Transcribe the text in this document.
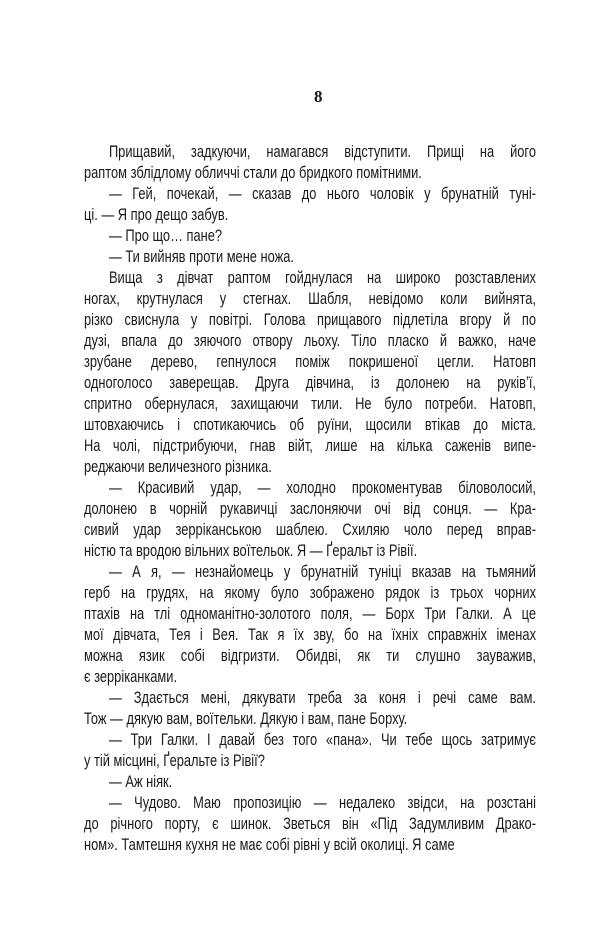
8
Прищавий, задкуючи, намагався відступити. Прищі на його
раптом зблідлому обличчі стали до бридкого помітними.
— Гей, почекай, — сказав до нього чоловік у брунатній туні-
ці. — Я про дещо забув.
— Про що… пане?
— Ти вийняв проти мене ножа.
Вища з дівчат раптом гойднулася на широко розставлених
ногах, крутнулася у стегнах. Шабля, невідомо коли вийнята,
різко свиснула у повітрі. Голова прищавого підлетіла вгору й по
дузі, впала до зяючого отвору льоху. Тіло пласко й важко, наче
зрубане дерево, гепнулося поміж покришеної цегли. Натовп
одноголосо заверещав. Друга дівчина, із долонею на руків’ї,
спритно обернулася, захищаючи тили. Не було потреби. Натовп,
штовхаючись і спотикаючись об руїни, щосили втікав до міста.
На чолі, підстрибуючи, гнав війт, лише на кілька саженів випе-
реджаючи величезного різника.
— Красивий удар, — холодно прокоментував біловолосий,
долонею в чорній рукавичці заслоняючи очі від сонця. — Кра-
сивий удар зерріканською шаблею. Схиляю чоло перед вправ-
ністю та вродою вільних воїтельок. Я — Ґеральт із Рівії.
— А я, — незнайомець у брунатній туніці вказав на тьмяний
герб на грудях, на якому було зображено рядок із трьох чорних
птахів на тлі одноманітно-золотого поля, — Борх Три Галки. А це
мої дівчата, Тея і Вея. Так я їх зву, бо на їхніх справжніх іменах
можна язик собі відгризти. Обидві, як ти слушно зауважив,
є зерріканками.
— Здається мені, дякувати треба за коня і речі саме вам.
Тож — дякую вам, воїтельки. Дякую і вам, пане Борху.
— Три Галки. І давай без того «пана». Чи тебе щось затримує
у тій місцині, Ґеральте із Рівії?
— Аж ніяк.
— Чудово. Маю пропозицію — недалеко звідси, на розстані
до річного порту, є шинок. Зветься він «Під Задумливим Драко-
ном». Тамтешня кухня не має собі рівні у всій околиці. Я саме
